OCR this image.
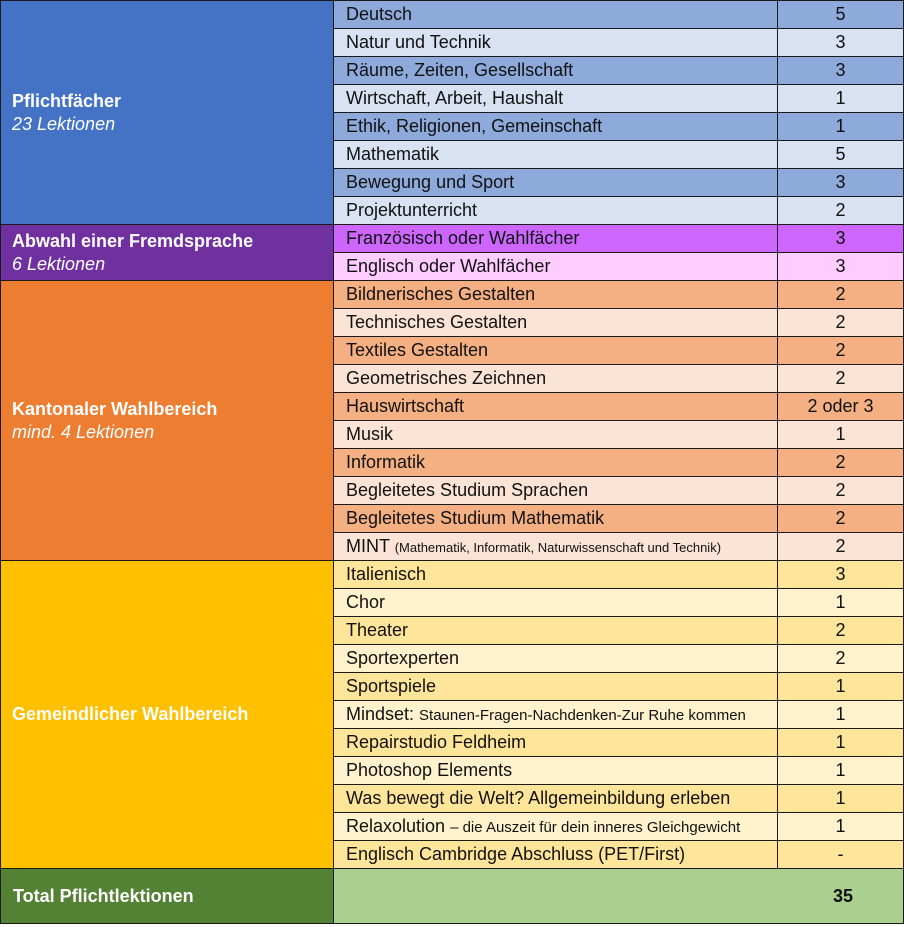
Pflichtfächer
23 Lektionen	Deutsch	5
	Natur und Technik	3
	Räume, Zeiten, Gesellschaft	3
	Wirtschaft, Arbeit, Haushalt	1
	Ethik, Religionen, Gemeinschaft	1
	Mathematik	5
	Bewegung und Sport	3
	Projektunterricht	2

Abwahl einer Fremdsprache
6 Lektionen	Französisch oder Wahlfächer	3
	Englisch oder Wahlfächer	3

Kantonaler Wahlbereich
mind. 4 Lektionen	Bildnerisches Gestalten	2
	Technisches Gestalten	2
	Textiles Gestalten	2
	Geometrisches Zeichnen	2
	Hauswirtschaft	2 oder 3
	Musik	1
	Informatik	2
	Begleitetes Studium Sprachen	2
	Begleitetes Studium Mathematik	2
	MINT (Mathematik, Informatik, Naturwissenschaft und Technik)	2

Gemeindlicher Wahlbereich	Italienisch	3
	Chor	1
	Theater	2
	Sportexperten	2
	Sportspiele	1
	Mindset: Staunen-Fragen-Nachdenken-Zur Ruhe kommen	1
	Repairstudio Feldheim	1
	Photoshop Elements	1
	Was bewegt die Welt? Allgemeinbildung erleben	1
	Relaxolution – die Auszeit für dein inneres Gleichgewicht	1
	Englisch Cambridge Abschluss (PET/First)	-
Total Pflichtlektionen	35	
